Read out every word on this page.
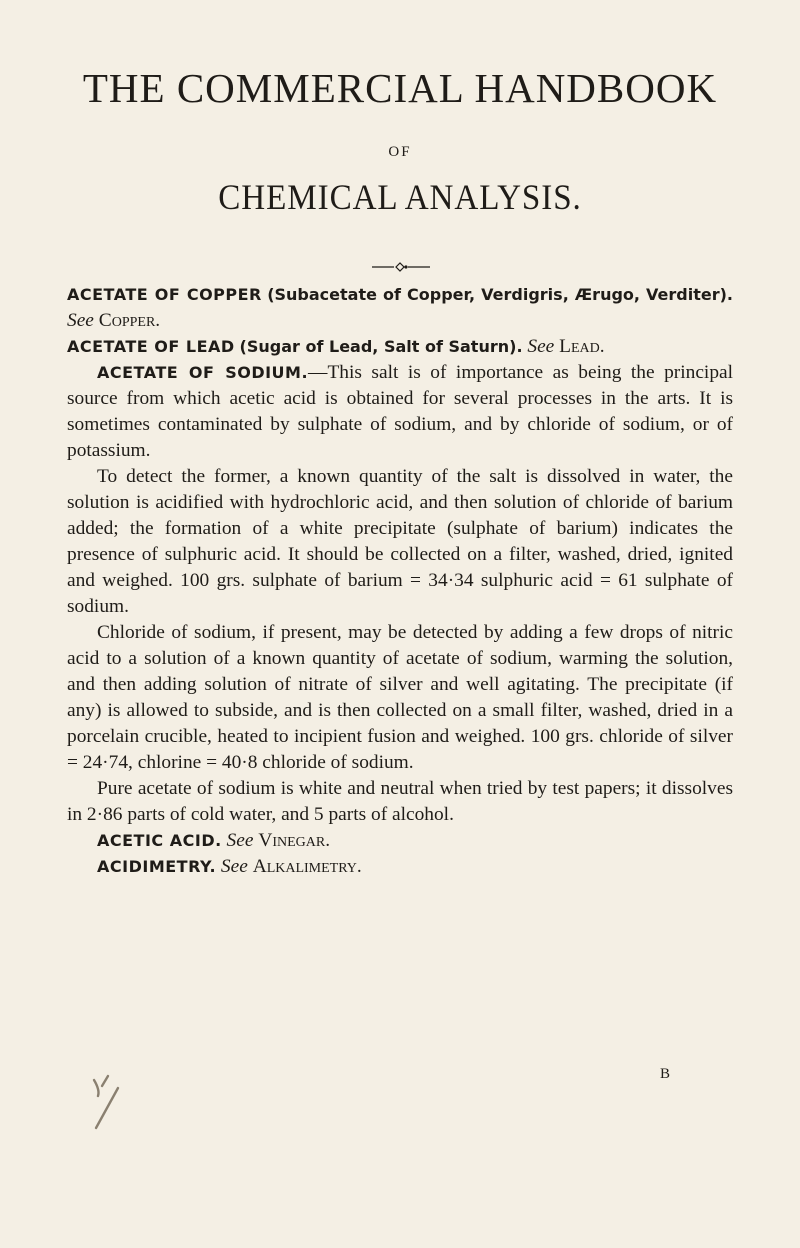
THE COMMERCIAL HANDBOOK
OF
CHEMICAL ANALYSIS.

ACETATE OF COPPER (Subacetate of Copper, Verdigris, Ærugo, Verditer). See Copper.

ACETATE OF LEAD (Sugar of Lead, Salt of Saturn). See Lead.

ACETATE OF SODIUM.—This salt is of importance as being the principal source from which acetic acid is obtained for several processes in the arts. It is sometimes contaminated by sulphate of sodium, and by chloride of sodium, or of potassium.

To detect the former, a known quantity of the salt is dissolved in water, the solution is acidified with hydrochloric acid, and then solution of chloride of barium added; the formation of a white precipitate (sulphate of barium) indicates the presence of sulphuric acid. It should be collected on a filter, washed, dried, ignited and weighed. 100 grs. sulphate of barium = 34·34 sulphuric acid = 61 sulphate of sodium.

Chloride of sodium, if present, may be detected by adding a few drops of nitric acid to a solution of a known quantity of acetate of sodium, warming the solution, and then adding solution of nitrate of silver and well agitating. The precipitate (if any) is allowed to subside, and is then collected on a small filter, washed, dried in a porcelain crucible, heated to incipient fusion and weighed. 100 grs. chloride of silver = 24·74, chlorine = 40·8 chloride of sodium.

Pure acetate of sodium is white and neutral when tried by test papers; it dissolves in 2·86 parts of cold water, and 5 parts of alcohol.

ACETIC ACID. See Vinegar.

ACIDIMETRY. See Alkalimetry.

B
